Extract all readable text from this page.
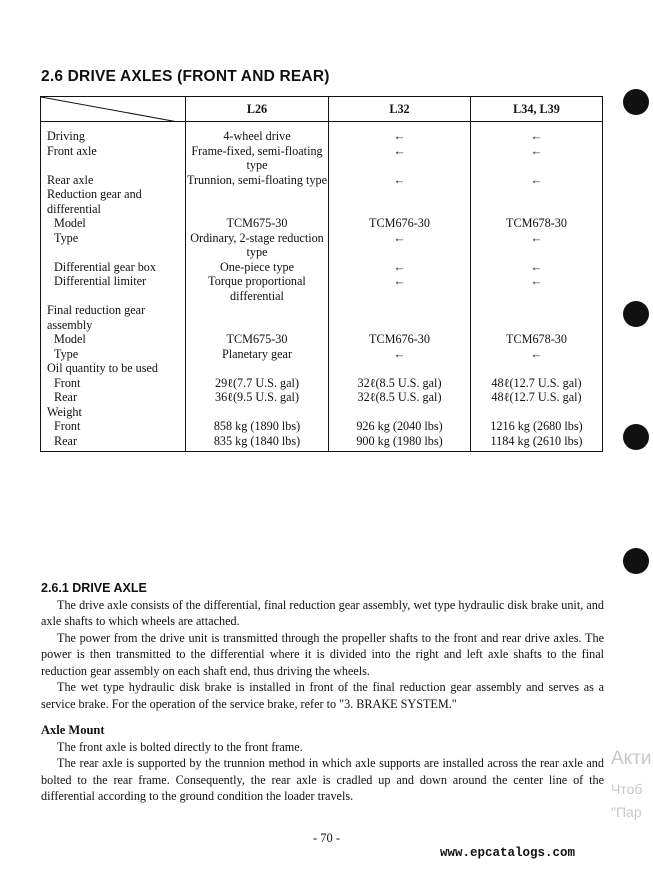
2.6 DRIVE AXLES (FRONT AND REAR)
	L26	L32	L34, L39
Driving	4-wheel drive	←	←
Front axle	Frame-fixed, semi-floating type	←	←
Rear axle	Trunnion, semi-floating type	←	←
Reduction gear and differential			
Model	TCM675-30	TCM676-30	TCM678-30
Type	Ordinary, 2-stage reduction type	←	←
Differential gear box	One-piece type	←	←
Differential limiter	Torque proportional differential	←	←
Final reduction gear assembly			
Model	TCM675-30	TCM676-30	TCM678-30
Type	Planetary gear	←	←
Oil quantity to be used			
Front	29ℓ(7.7 U.S. gal)	32ℓ(8.5 U.S. gal)	48ℓ(12.7 U.S. gal)
Rear	36ℓ(9.5 U.S. gal)	32ℓ(8.5 U.S. gal)	48ℓ(12.7 U.S. gal)
Weight			
Front	858 kg (1890 lbs)	926 kg (2040 lbs)	1216 kg (2680 lbs)
Rear	835 kg (1840 lbs)	900 kg (1980 lbs)	1184 kg (2610 lbs)
2.6.1 DRIVE AXLE

The drive axle consists of the differential, final reduction gear assembly, wet type hydraulic disk brake unit, and axle shafts to which wheels are attached.

The power from the drive unit is transmitted through the propeller shafts to the front and rear drive axles. The power is then transmitted to the differential where it is divided into the right and left axle shafts to the final reduction gear assembly on each shaft end, thus driving the wheels.

The wet type hydraulic disk brake is installed in front of the final reduction gear assembly and serves as a service brake. For the operation of the service brake, refer to "3. BRAKE SYSTEM."

Axle Mount

The front axle is bolted directly to the front frame.

The rear axle is supported by the trunnion method in which axle supports are installed across the rear axle and bolted to the rear frame. Consequently, the rear axle is cradled up and down around the center line of the differential according to the ground condition the loader travels.

- 70 -
www.epcatalogs.com
Акти
Чтоб
"Пар
